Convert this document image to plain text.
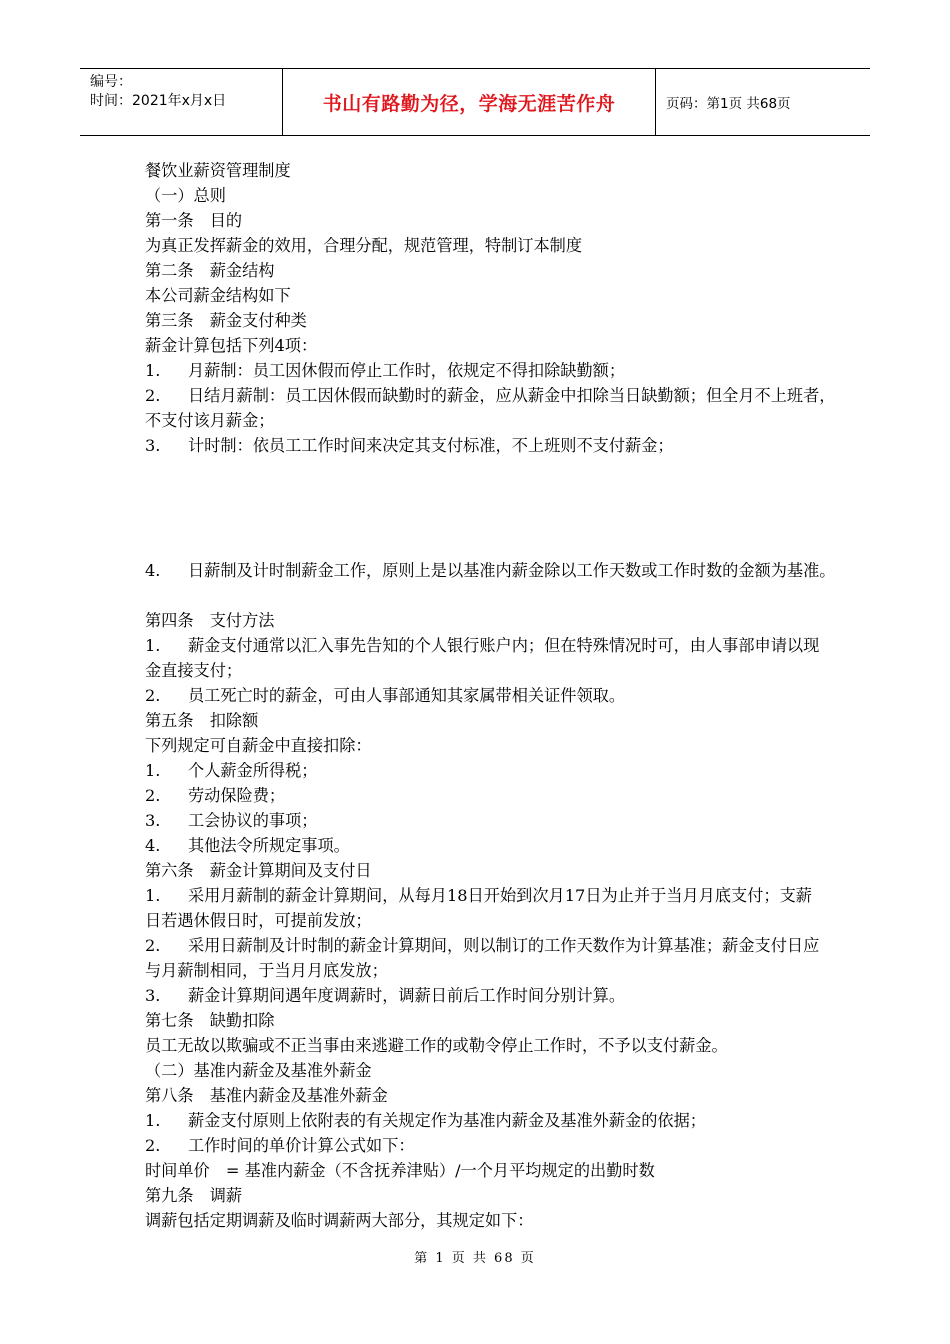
编号：
时间：2021年x月x日	书山有路勤为径，学海无涯苦作舟	页码：第1页 共68页
餐饮业薪资管理制度
（一）总则
第一条　目的
为真正发挥薪金的效用，合理分配，规范管理，特制订本制度
第二条　薪金结构
本公司薪金结构如下
第三条　薪金支付种类
薪金计算包括下列4项：
1.	月薪制：员工因休假而停止工作时，依规定不得扣除缺勤额；
2.	日结月薪制：员工因休假而缺勤时的薪金，应从薪金中扣除当日缺勤额；但全月不上班者，
不支付该月薪金；
3.	计时制：依员工工作时间来决定其支付标准，不上班则不支付薪金；
4.	日薪制及计时制薪金工作，原则上是以基准内薪金除以工作天数或工作时数的金额为基准。
第四条　支付方法
1.	薪金支付通常以汇入事先告知的个人银行账户内；但在特殊情况时可，由人事部申请以现
金直接支付；
2.	员工死亡时的薪金，可由人事部通知其家属带相关证件领取。
第五条　扣除额
下列规定可自薪金中直接扣除：
1.	个人薪金所得税；
2.	劳动保险费；
3.	工会协议的事项；
4.	其他法令所规定事项。
第六条　薪金计算期间及支付日
1.	采用月薪制的薪金计算期间，从每月18日开始到次月17日为止并于当月月底支付；支薪
日若遇休假日时，可提前发放；
2.	采用日薪制及计时制的薪金计算期间，则以制订的工作天数作为计算基准；薪金支付日应
与月薪制相同，于当月月底发放；
3.	薪金计算期间遇年度调薪时，调薪日前后工作时间分别计算。
第七条　缺勤扣除
员工无故以欺骗或不正当事由来逃避工作的或勒令停止工作时，不予以支付薪金。
（二）基准内薪金及基准外薪金
第八条　基准内薪金及基准外薪金
1.	薪金支付原则上依附表的有关规定作为基准内薪金及基准外薪金的依据；
2.	工作时间的单价计算公式如下：
时间单价　= 基准内薪金（不含抚养津贴）/一个月平均规定的出勤时数
第九条　调薪
调薪包括定期调薪及临时调薪两大部分，其规定如下：
第 1 页 共 68 页
